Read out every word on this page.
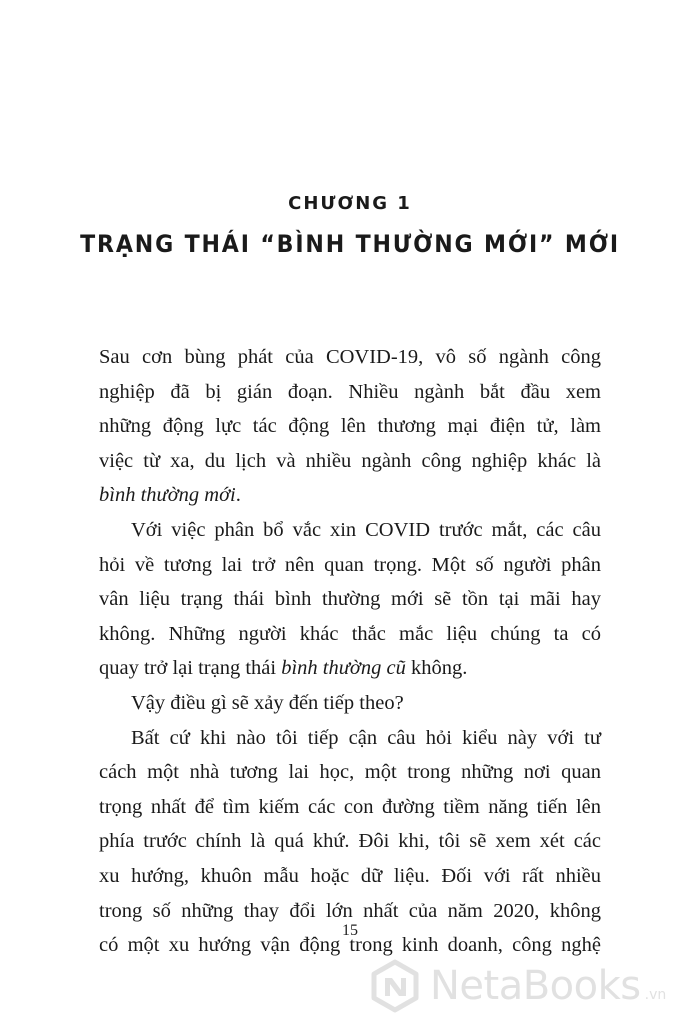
CHƯƠNG 1
TRẠNG THÁI “BÌNH THƯỜNG MỚI” MỚI
Sau cơn bùng phát của COVID-19, vô số ngành công
nghiệp đã bị gián đoạn. Nhiều ngành bắt đầu xem
những động lực tác động lên thương mại điện tử, làm
việc từ xa, du lịch và nhiều ngành công nghiệp khác là
bình thường mới.
Với việc phân bổ vắc xin COVID trước mắt, các câu
hỏi về tương lai trở nên quan trọng. Một số người phân
vân liệu trạng thái bình thường mới sẽ tồn tại mãi hay
không. Những người khác thắc mắc liệu chúng ta có
quay trở lại trạng thái bình thường cũ không.
Vậy điều gì sẽ xảy đến tiếp theo?
Bất cứ khi nào tôi tiếp cận câu hỏi kiểu này với tư
cách một nhà tương lai học, một trong những nơi quan
trọng nhất để tìm kiếm các con đường tiềm năng tiến lên
phía trước chính là quá khứ. Đôi khi, tôi sẽ xem xét các
xu hướng, khuôn mẫu hoặc dữ liệu. Đối với rất nhiều
trong số những thay đổi lớn nhất của năm 2020, không
có một xu hướng vận động trong kinh doanh, công nghệ
15
NetaBooks .vn
